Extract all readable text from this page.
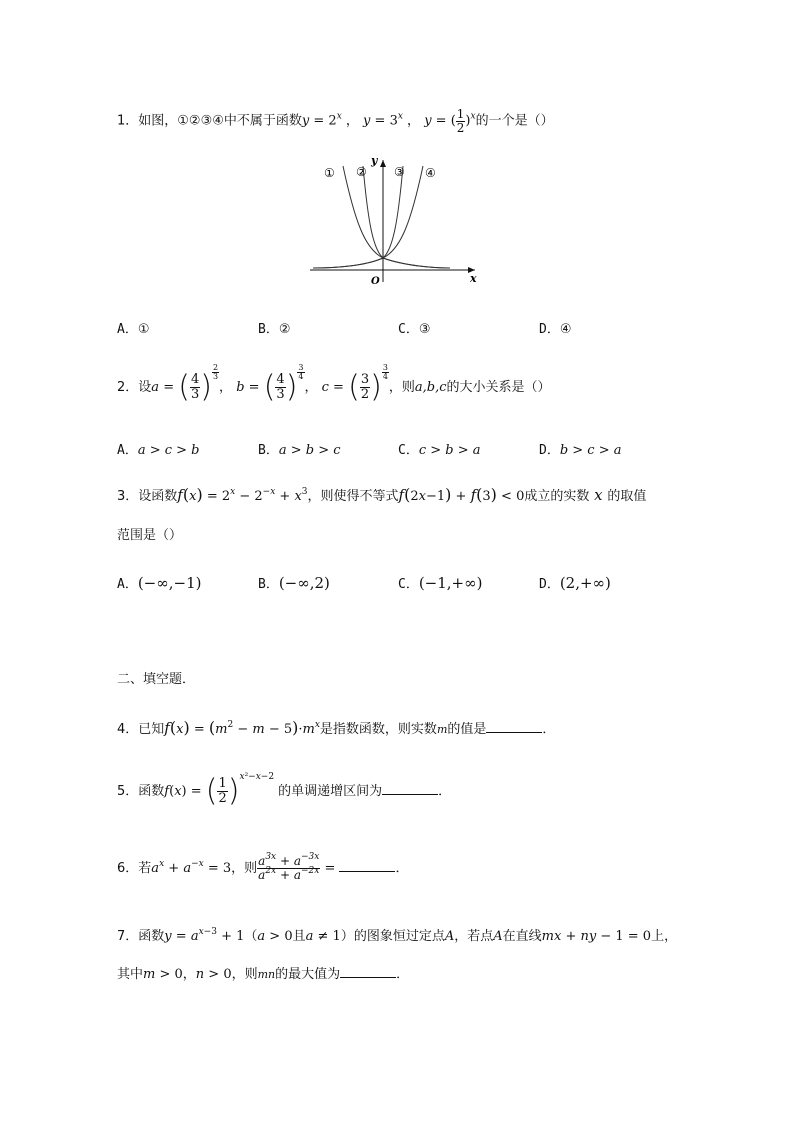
1．如图，①②③④中不属于函数$y = 2^x$ ， $y = 3^x$ ， y = ( $\frac{1}{2} )^x$的一个是（）
① ② ③ ④
y
x
O
A．①	B．②	C．③	D．④
2．设a = ( $\frac{4}{3}$ ) $\frac{2}{3}$， b = ( $\frac{4}{3}$ ) $\frac{3}{4}$， c = ( $\frac{3}{2}$ ) $\frac{3}{4}$，则a,b,c的大小关系是（）
A．a > c > b	B．a > b > c	C．c > b > a	D．b > c > a
3．设函数$f(x) = 2^x - 2^{-x} + x^3$，则使得不等式f(2x−1) + f(3) < 0成立的实数 x 的取值
范围是（）
A．(−∞,−1)	B．(−∞,2)	C．(−1,+∞)	D．(2,+∞)
二、填空题．
4．已知$f(x) = (m^2 - m - 5)\cdot m^x$是指数函数，则实数m的值是	．
5．函数f(x) = ( $\frac{1}{2} )^{x^2-x-2}$的单调递增区间为	．
6．若$a^x + a^{-x} = 3$，则 $\frac{a^{3x} + a^{-3x}}{a^{2x} + a^{-2x}}$ =	．
7．函数$y = a^{x-3} + 1(a > 0$且a ≠ 1）的图象恒过定点A，若点A在直线mx + ny − 1 = 0上，
其中m > 0，n > 0，则mn的最大值为	．
